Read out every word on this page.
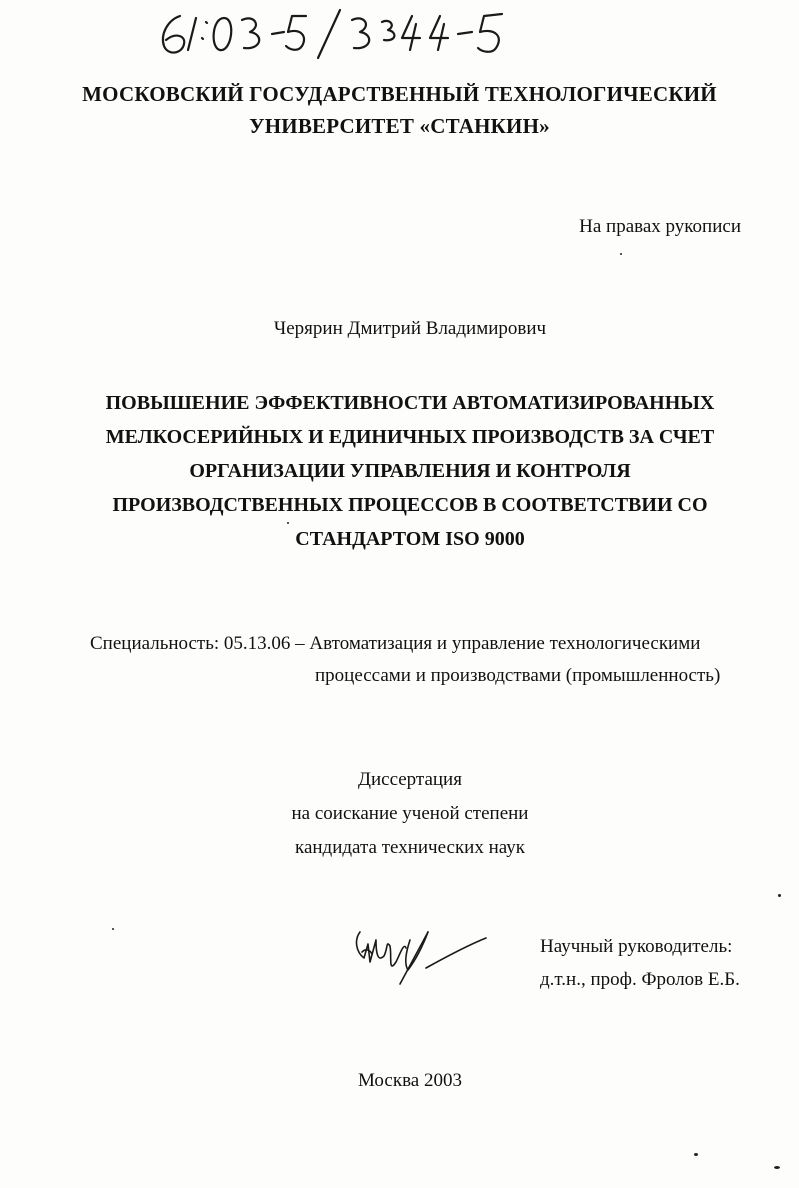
МОСКОВСКИЙ ГОСУДАРСТВЕННЫЙ ТЕХНОЛОГИЧЕСКИЙ
УНИВЕРСИТЕТ «СТАНКИН»
На правах рукописи
Черярин Дмитрий Владимирович
ПОВЫШЕНИЕ ЭФФЕКТИВНОСТИ АВТОМАТИЗИРОВАННЫХ
МЕЛКОСЕРИЙНЫХ И ЕДИНИЧНЫХ ПРОИЗВОДСТВ ЗА СЧЕТ
ОРГАНИЗАЦИИ УПРАВЛЕНИЯ И КОНТРОЛЯ
ПРОИЗВОДСТВЕННЫХ ПРОЦЕССОВ В СООТВЕТСТВИИ СО
СТАНДАРТОМ ISO 9000
Специальность: 05.13.06 – Автоматизация и управление технологическими
процессами и производствами (промышленность)
Диссертация
на соискание ученой степени
кандидата технических наук
Научный руководитель:
д.т.н., проф. Фролов Е.Б.
Москва 2003
